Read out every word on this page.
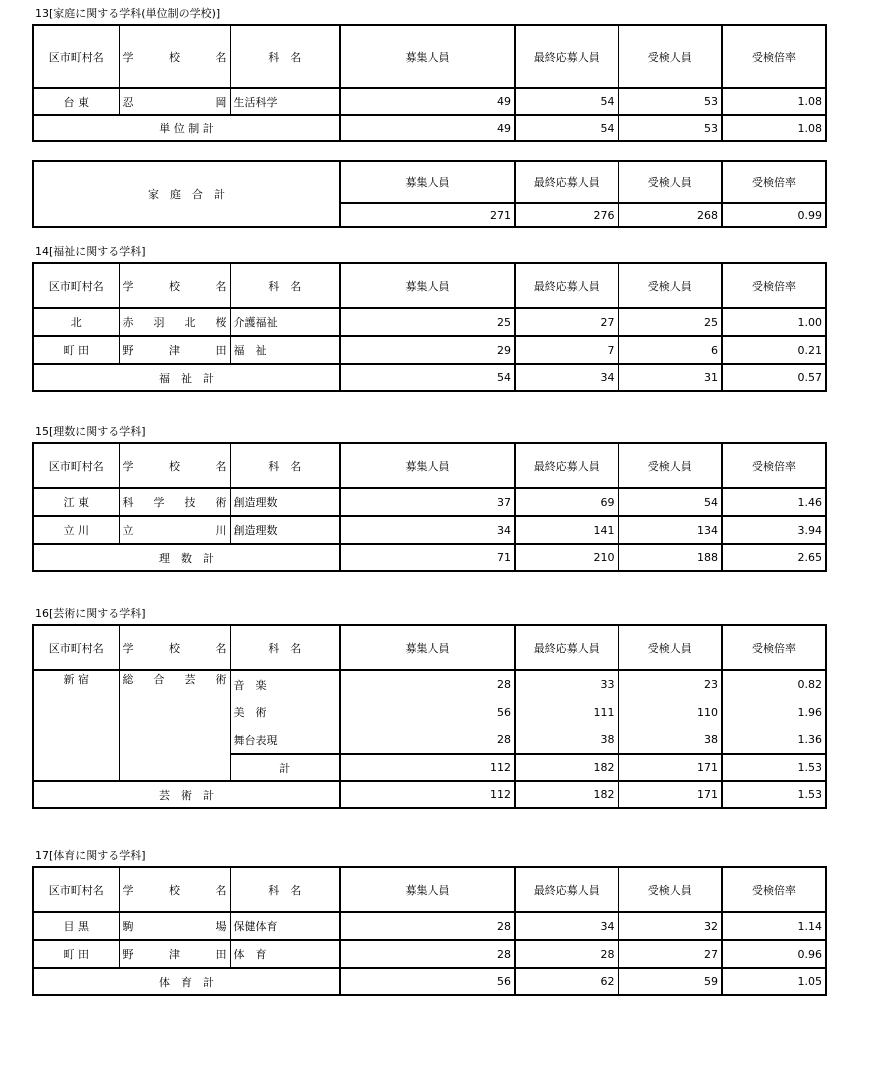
13[家庭に関する学科(単位制の学校)]
区市町村名	学 校 名	科　名	募集人員	最終応募人員	受検人員	受検倍率
台 東	忍 岡	生活科学	49	54	53	1.08
単 位 制 計			49	54	53	1.08
家　庭　合　計	募集人員	最終応募人員	受検人員	受検倍率
	271	276	268	0.99
14[福祉に関する学科]
区市町村名	学 校 名	科　名	募集人員	最終応募人員	受検人員	受検倍率
北	赤 羽 北 桜	介護福祉	25	27	25	1.00
町 田	野 津 田	福　祉	29	7	6	0.21
福　祉　計			54	34	31	0.57
15[理数に関する学科]
区市町村名	学 校 名	科　名	募集人員	最終応募人員	受検人員	受検倍率
江 東	科 学 技 術	創造理数	37	69	54	1.46
立 川	立 川	創造理数	34	141	134	3.94
理　数　計			71	210	188	2.65
16[芸術に関する学科]
区市町村名	学 校 名	科　名	募集人員	最終応募人員	受検人員	受検倍率
新 宿	総 合 芸 術	音　楽	28	33	23	0.82
		美　術	56	111	110	1.96
		舞台表現	28	38	38	1.36
		計	112	182	171	1.53
芸　術　計			112	182	171	1.53
17[体育に関する学科]
区市町村名	学 校 名	科　名	募集人員	最終応募人員	受検人員	受検倍率
目 黒	駒 場	保健体育	28	34	32	1.14
町 田	野 津 田	体　育	28	28	27	0.96
体　育　計			56	62	59	1.05
